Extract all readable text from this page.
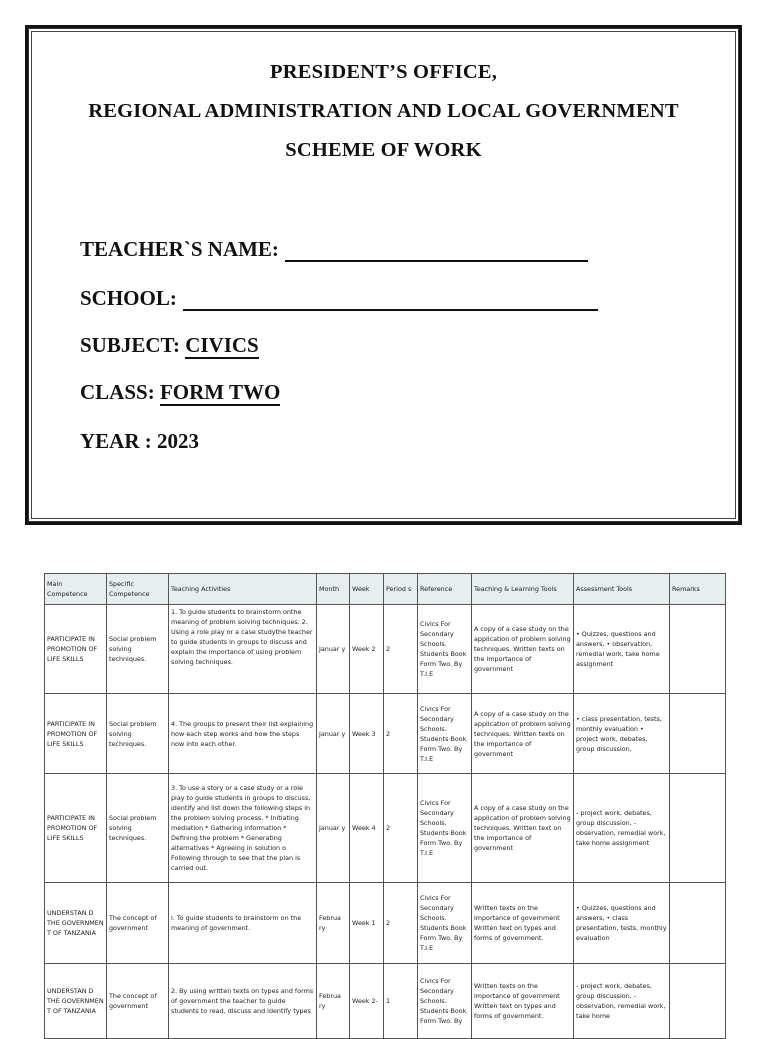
PRESIDENT’S OFFICE,
REGIONAL ADMINISTRATION AND LOCAL GOVERNMENT
SCHEME OF WORK
TEACHER`S NAME:
SCHOOL:
SUBJECT: CIVICS
CLASS: FORM TWO
YEAR : 2023
Main Competence	Specific Competence	Teaching Activities	Month	Week	Period s	Reference	Teaching & Learning Tools	Assessment Tools	Remarks
PARTICIPATE IN PROMOTION OF LIFE SKILLS	Social problem solving techniques.	1. To guide students to brainstorm onthe meaning of problem solving techniques. 2. Using a role play or a case studythe teacher to guide students in groups to discuss and explain the importance of using problem solving techniques.	Januar y	Week 2	2	Civics For Secondary Schools. Students Book Form Two. By T.I.E	A copy of a case study on the application of problem solving techniques. Written texts on the importance of government	• Quizzes, questions and answers, • observation, remedial work, take home assignment	
PARTICIPATE IN PROMOTION OF LIFE SKILLS	Social problem solving techniques.	4. The groups to present their list explaining how each step works and how the steps now into each other.	Januar y	Week 3	2	Civics For Secondary Schools. Students Book Form Two. By T.I.E	A copy of a case study on the application of problem solving techniques. Written texts on the importance of government	• class presentation, tests, monthly evaluation • project work, debates, group discussion,	
PARTICIPATE IN PROMOTION OF LIFE SKILLS	Social problem solving techniques.	3. To use a story or a case study or a role play to guide students in groups to discuss, identify and list down the following steps in the problem solving process. * Initiating mediation * Gathering information * Defining the problem * Generating alternatives * Agreeing in solution o Following through to see that the plan is carried out.	Januar y	Week 4	2	Civics For Secondary Schools. Students Book Form Two. By T.I.E	A copy of a case study on the application of problem solving techniques. Written text on the importance of government	- project work, debates, group discussion, - observation, remedial work, take home assignment	
UNDERSTAN D THE GOVERNMEN T OF TANZANIA	The concept of government	l. To guide students to brainstorm on the meaning of government.	Februa ry	Week 1	2	Civics For Secondary Schools. Students Book Form Two. By T.I.E	Written texts on the importance of government Written text on types and forms of government.	• Quizzes, questions and answers, • class presentation, tests, monthly evaluation	
UNDERSTAN D THE GOVERNMEN T OF TANZANIA	The concept of government	2. By using written texts on types and forms of government the teacher to guide students to read, discuss and identify types	Februa ry	Week 2-	1	Civics For Secondary Schools. Students Book Form Two. By	Written texts on the importance of government Written text on types and forms of government.	- project work, debates, group discussion, - observation, remedial work, take home	
